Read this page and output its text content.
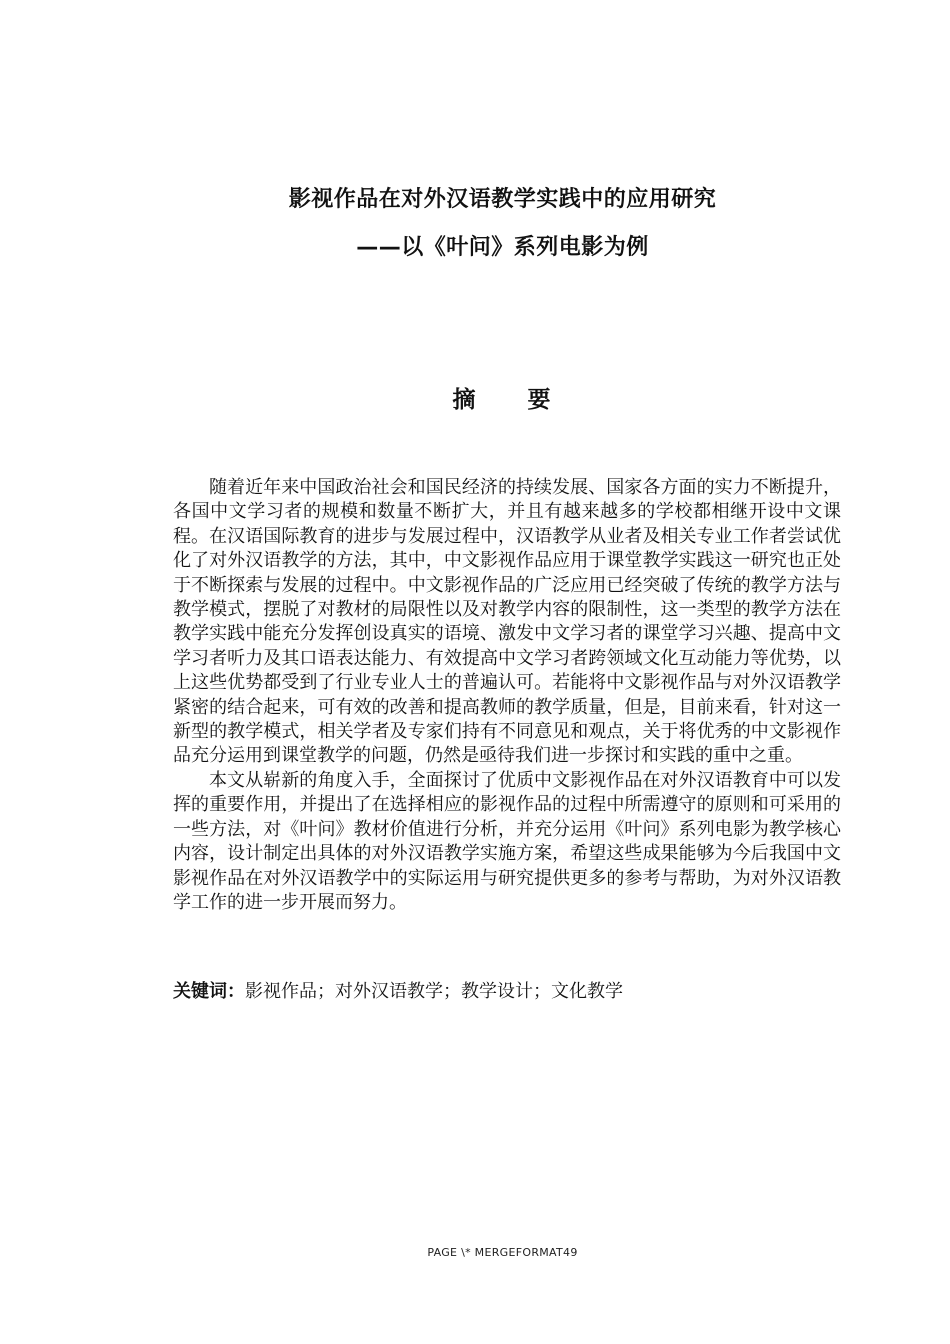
影视作品在对外汉语教学实践中的应用研究
——以《叶问》系列电影为例
摘 要

随着近年来中国政治社会和国民经济的持续发展、国家各方面的实力不断提升，各国中文学习者的规模和数量不断扩大，并且有越来越多的学校都相继开设中文课程。在汉语国际教育的进步与发展过程中，汉语教学从业者及相关专业工作者尝试优化了对外汉语教学的方法，其中，中文影视作品应用于课堂教学实践这一研究也正处于不断探索与发展的过程中。中文影视作品的广泛应用已经突破了传统的教学方法与教学模式，摆脱了对教材的局限性以及对教学内容的限制性，这一类型的教学方法在教学实践中能充分发挥创设真实的语境、激发中文学习者的课堂学习兴趣、提高中文学习者听力及其口语表达能力、有效提高中文学习者跨领域文化互动能力等优势，以上这些优势都受到了行业专业人士的普遍认可。若能将中文影视作品与对外汉语教学紧密的结合起来，可有效的改善和提高教师的教学质量，但是，目前来看，针对这一新型的教学模式，相关学者及专家们持有不同意见和观点，关于将优秀的中文影视作品充分运用到课堂教学的问题，仍然是亟待我们进一步探讨和实践的重中之重。

本文从崭新的角度入手，全面探讨了优质中文影视作品在对外汉语教育中可以发挥的重要作用，并提出了在选择相应的影视作品的过程中所需遵守的原则和可采用的一些方法，对《叶问》教材价值进行分析，并充分运用《叶问》系列电影为教学核心内容，设计制定出具体的对外汉语教学实施方案，希望这些成果能够为今后我国中文影视作品在对外汉语教学中的实际运用与研究提供更多的参考与帮助，为对外汉语教学工作的进一步开展而努力。

关键词：影视作品；对外汉语教学；教学设计；文化教学
PAGE \* MERGEFORMAT49
